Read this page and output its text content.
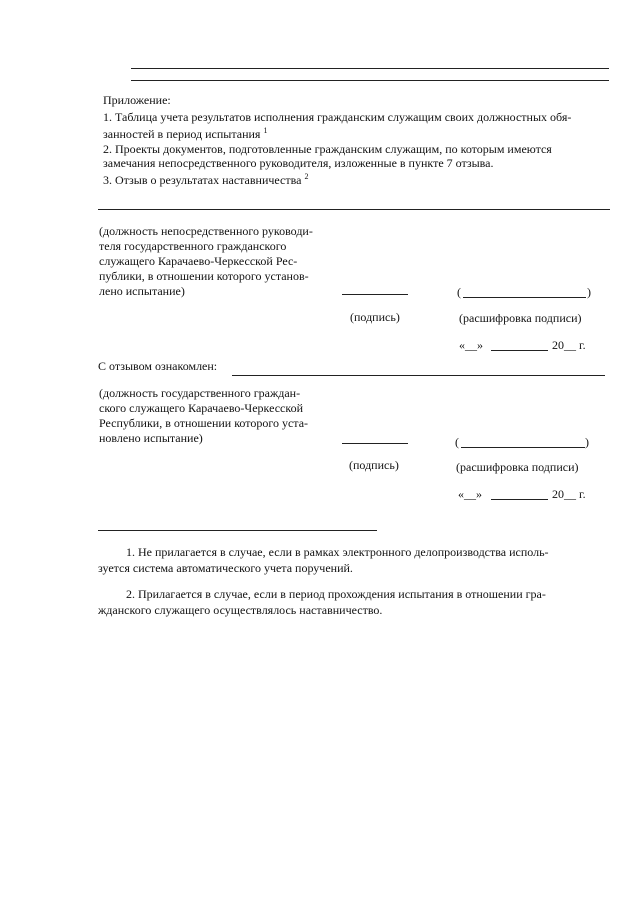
Приложение:
1. Таблица учета результатов исполнения гражданским служащим своих должностных обя-
занностей в период испытания $^1$
2. Проекты документов, подготовленные гражданским служащим, по которым имеются
замечания непосредственного руководителя, изложенные в пункте 7 отзыва.
3. Отзыв о результатах наставничества $^2$
(должность непосредственного руководи-
теля государственного гражданского
служащего Карачаево-Черкесской Рес-
публики, в отношении которого установ-
лено испытание)	(	)
(подпись)	(расшифровка подписи)
«__»	20__ г.
С отзывом ознакомлен:
(должность государственного граждан-
ского служащего Карачаево-Черкесской
Республики, в отношении которого уста-
новлено испытание)	(	)
(подпись)	(расшифровка подписи)
«__»	20__ г.
1. Не прилагается в случае, если в рамках электронного делопроизводства исполь-
зуется система автоматического учета поручений.
2. Прилагается в случае, если в период прохождения испытания в отношении гра-
жданского служащего осуществлялось наставничество.
